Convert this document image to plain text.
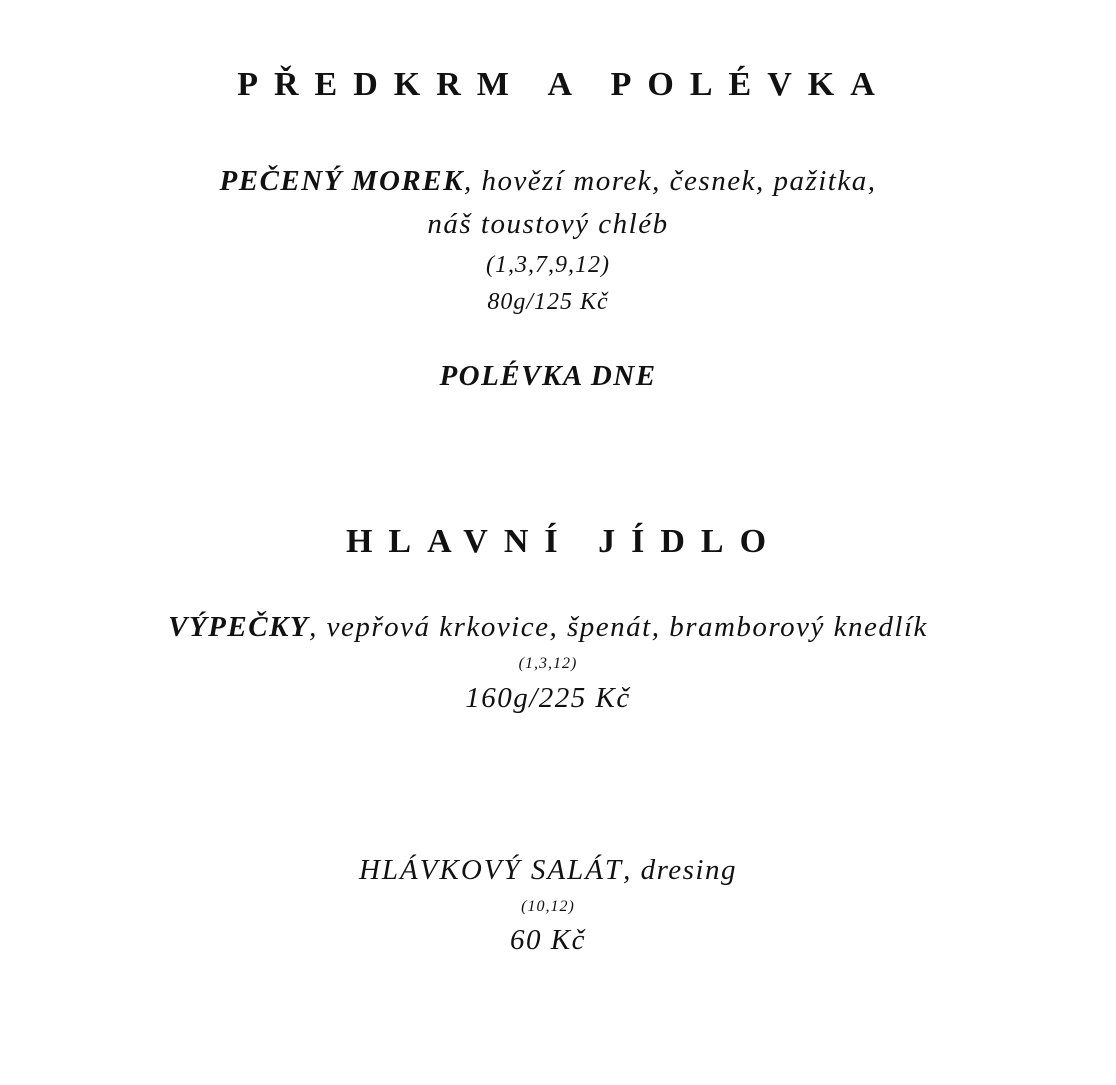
PŘEDKRM A POLÉVKA
PEČENÝ MOREK, hovězí morek, česnek, pažitka,
náš toustový chléb
(1,3,7,9,12)
80g/125 Kč
POLÉVKA DNE
HLAVNÍ JÍDLO
VÝPEČKY, vepřová krkovice, špenát, bramborový knedlík
(1,3,12)
160g/225 Kč
HLÁVKOVÝ SALÁT, dresing
(10,12)
60 Kč
